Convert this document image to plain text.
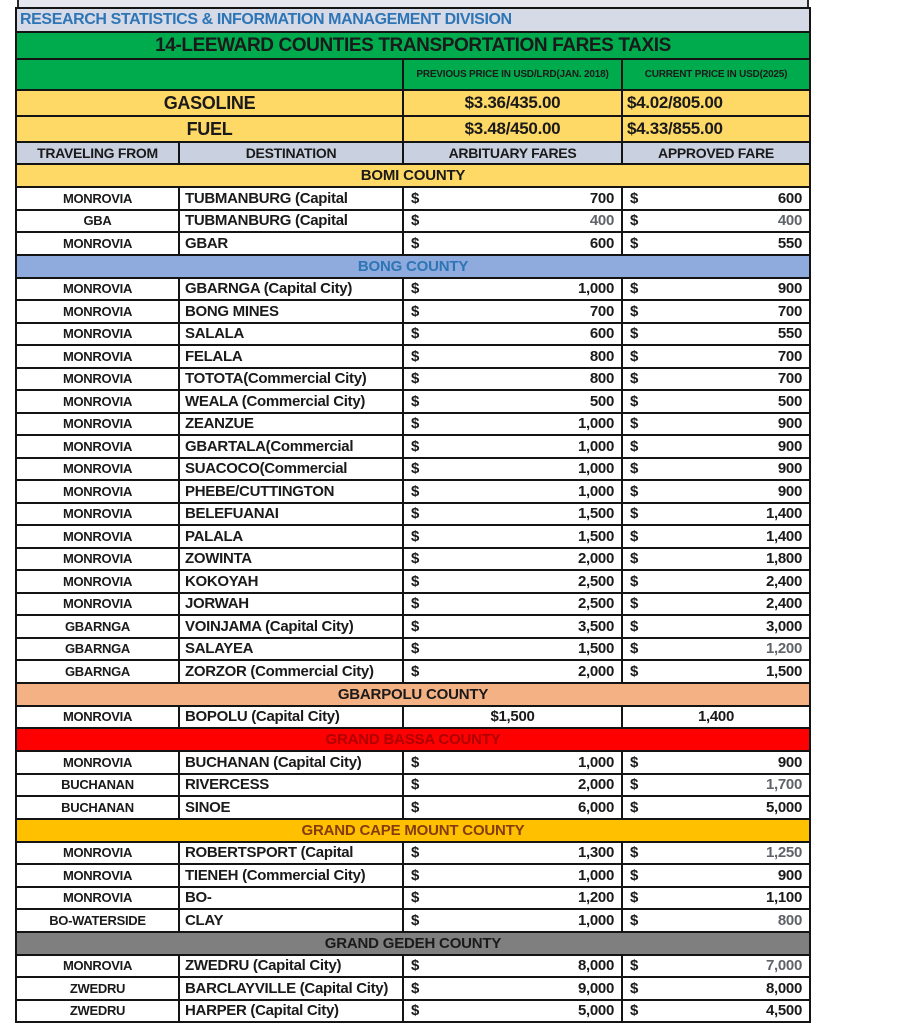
RESEARCH STATISTICS & INFORMATION MANAGEMENT DIVISION
14-LEEWARD COUNTIES TRANSPORTATION FARES TAXIS
PREVIOUS PRICE IN USD/LRD(JAN. 2018)	CURRENT PRICE IN USD(2025)
GASOLINE	$3.36/435.00	$4.02/805.00
FUEL	$3.48/450.00	$4.33/855.00
TRAVELING FROM	DESTINATION	ARBITUARY FARES	APPROVED FARE
BOMI COUNTY
MONROVIA	TUBMANBURG (Capital	$	700 $	600
GBA	TUBMANBURG (Capital	$	400 $	400
MONROVIA	GBAR	$	600 $	550
BONG COUNTY
MONROVIA	GBARNGA (Capital City)	$	1,000 $	900
MONROVIA	BONG MINES	$	700 $	700
MONROVIA	SALALA	$	600 $	550
MONROVIA	FELALA	$	800 $	700
MONROVIA	TOTOTA(Commercial City)	$	800 $	700
MONROVIA	WEALA (Commercial City)	$	500 $	500
MONROVIA	ZEANZUE	$	1,000 $	900
MONROVIA	GBARTALA(Commercial	$	1,000 $	900
MONROVIA	SUACOCO(Commercial	$	1,000 $	900
MONROVIA	PHEBE/CUTTINGTON	$	1,000 $	900
MONROVIA	BELEFUANAI	$	1,500 $	1,400
MONROVIA	PALALA	$	1,500 $	1,400
MONROVIA	ZOWINTA	$	2,000 $	1,800
MONROVIA	KOKOYAH	$	2,500 $	2,400
MONROVIA	JORWAH	$	2,500 $	2,400
GBARNGA	VOINJAMA (Capital City)	$	3,500 $	3,000
GBARNGA	SALAYEA	$	1,500 $	1,200
GBARNGA	ZORZOR (Commercial City)	$	2,000 $	1,500
GBARPOLU COUNTY
MONROVIA	BOPOLU (Capital City)	$1,500	1,400
GRAND BASSA COUNTY
MONROVIA	BUCHANAN (Capital City)	$	1,000 $	900
BUCHANAN	RIVERCESS	$	2,000 $	1,700
BUCHANAN	SINOE	$	6,000 $	5,000
GRAND CAPE MOUNT COUNTY
MONROVIA	ROBERTSPORT (Capital	$	1,300 $	1,250
MONROVIA	TIENEH (Commercial City)	$	1,000 $	900
MONROVIA	BO-	$	1,200 $	1,100
BO-WATERSIDE	CLAY	$	1,000 $	800
GRAND GEDEH COUNTY
MONROVIA	ZWEDRU (Capital City)	$	8,000 $	7,000
ZWEDRU	BARCLAYVILLE (Capital City)	$	9,000 $	8,000
ZWEDRU	HARPER (Capital City)	$	5,000 $	4,500
